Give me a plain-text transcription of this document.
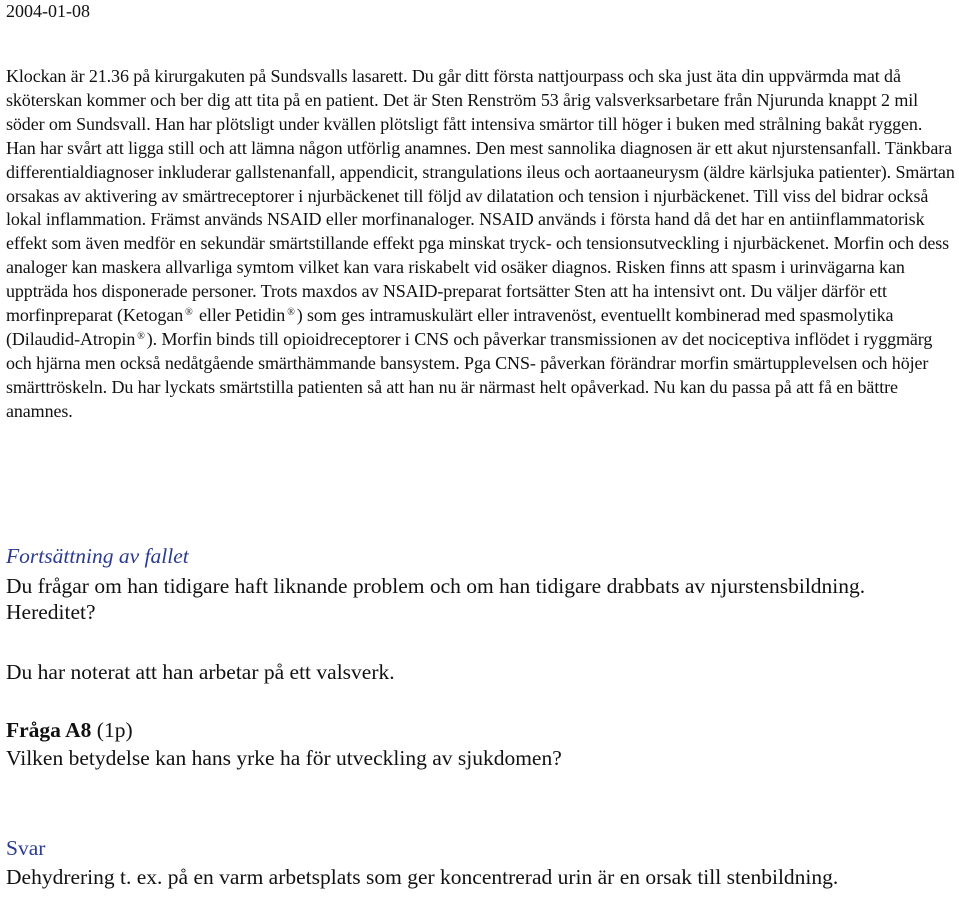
2004-01-08

Klockan är 21.36 på kirurgakuten på Sundsvalls lasarett. Du går ditt första nattjourpass och ska just äta din uppvärmda mat då sköterskan kommer och ber dig att tita på en patient. Det är Sten Renström 53 årig valsverksarbetare från Njurunda knappt 2 mil söder om Sundsvall. Han har plötsligt under kvällen plötsligt fått intensiva smärtor till höger i buken med strålning bakåt ryggen. Han har svårt att ligga still och att lämna någon utförlig anamnes. Den mest sannolika diagnosen är ett akut njurstensanfall. Tänkbara differentialdiagnoser inkluderar gallstenanfall, appendicit, strangulations ileus och aortaaneurysm (äldre kärlsjuka patienter). Smärtan orsakas av aktivering av smärtreceptorer i njurbäckenet till följd av dilatation och tension i njurbäckenet. Till viss del bidrar också lokal inflammation. Främst används NSAID eller morfinanaloger. NSAID används i första hand då det har en antiinflammatorisk effekt som även medför en sekundär smärtstillande effekt pga minskat tryck- och tensionsutveckling i njurbäckenet. Morfin och dess analoger kan maskera allvarliga symtom vilket kan vara riskabelt vid osäker diagnos. Risken finns att spasm i urinvägarna kan uppträda hos disponerade personer. Trots maxdos av NSAID-preparat fortsätter Sten att ha intensivt ont. Du väljer därför ett morfinpreparat (Ketogan ® eller Petidin ® ) som ges intramuskulärt eller intravenöst, eventuellt kombinerad med spasmolytika (Dilaudid-Atropin ® ). Morfin binds till opioidreceptorer i CNS och påverkar transmissionen av det nociceptiva inflödet i ryggmärg och hjärna men också nedåtgående smärthämmande bansystem. Pga CNS- påverkan förändrar morfin smärtupplevelsen och höjer smärttröskeln. Du har lyckats smärtstilla patienten så att han nu är närmast helt opåverkad. Nu kan du passa på att få en bättre anamnes.

Fortsättning av fallet

Du frågar om han tidigare haft liknande problem och om han tidigare drabbats av njurstensbildning. Hereditet?

Du har noterat att han arbetar på ett valsverk.
Fråga A8 (1p)
Vilken betydelse kan hans yrke ha för utveckling av sjukdomen?
Svar

Dehydrering t. ex. på en varm arbetsplats som ger koncentrerad urin är en orsak till stenbildning.
